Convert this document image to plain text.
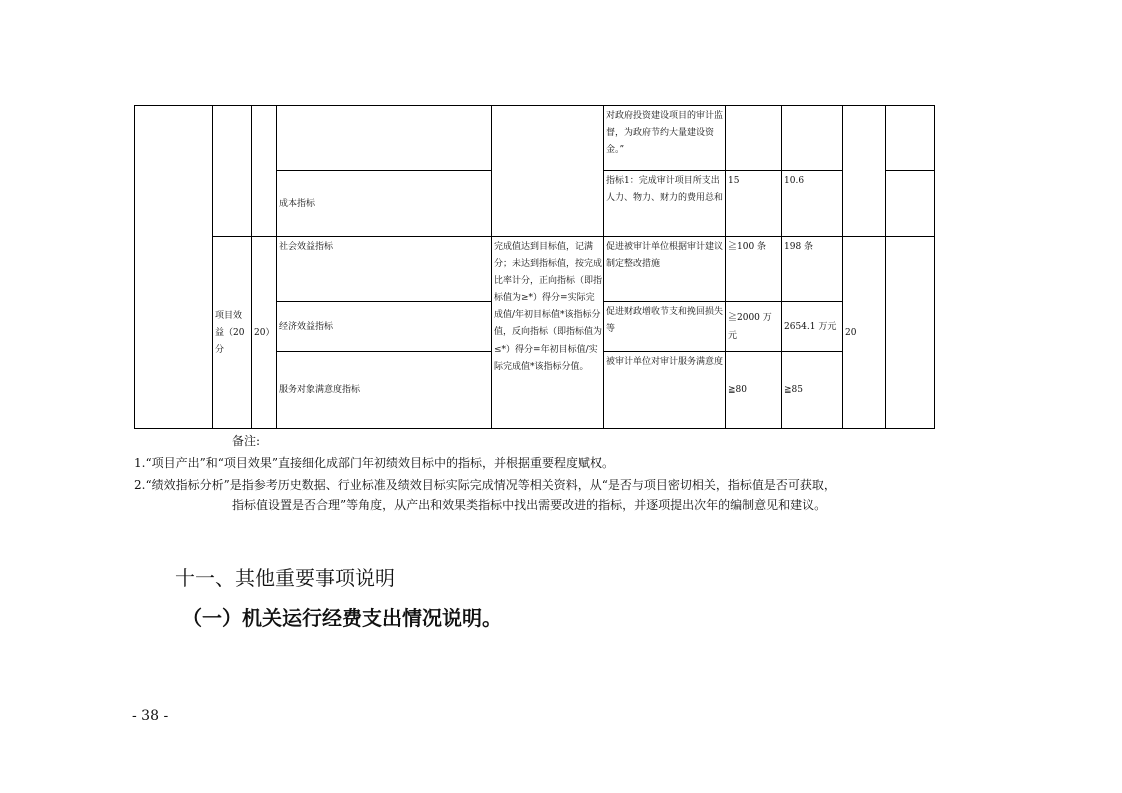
					对政府投资建设项目的审计监督，为政府节约大量建设资金。”				
			成本指标		指标1：完成审计项目所支出人力、物力、财力的费用总和	15	10.6		
	项目效益（20 分	20）	社会效益指标	完成值达到目标值，记满分；未达到指标值，按完成比率计分，正向指标（即指标值为≥*）得分=实际完成值/年初目标值*该指标分值，反向指标（即指标值为≤*）得分=年初目标值/实际完成值*该指标分值。	促进被审计单位根据审计建议制定整改措施	≧100 条	198 条	20	
			经济效益指标		促进财政增收节支和挽回损失等	≧2000 万元	2654.1 万元		
			服务对象满意度指标		被审计单位对审计服务满意度	≧80	≧85		
备注:
1.“项目产出”和“项目效果”直接细化成部门年初绩效目标中的指标，并根据重要程度赋权。
2.“绩效指标分析”是指参考历史数据、行业标准及绩效目标实际完成情况等相关资料，从“是否与项目密切相关，指标值是否可获取，
指标值设置是否合理”等角度，从产出和效果类指标中找出需要改进的指标，并逐项提出次年的编制意见和建议。
十一、其他重要事项说明
（一）机关运行经费支出情况说明。
- 38 -
